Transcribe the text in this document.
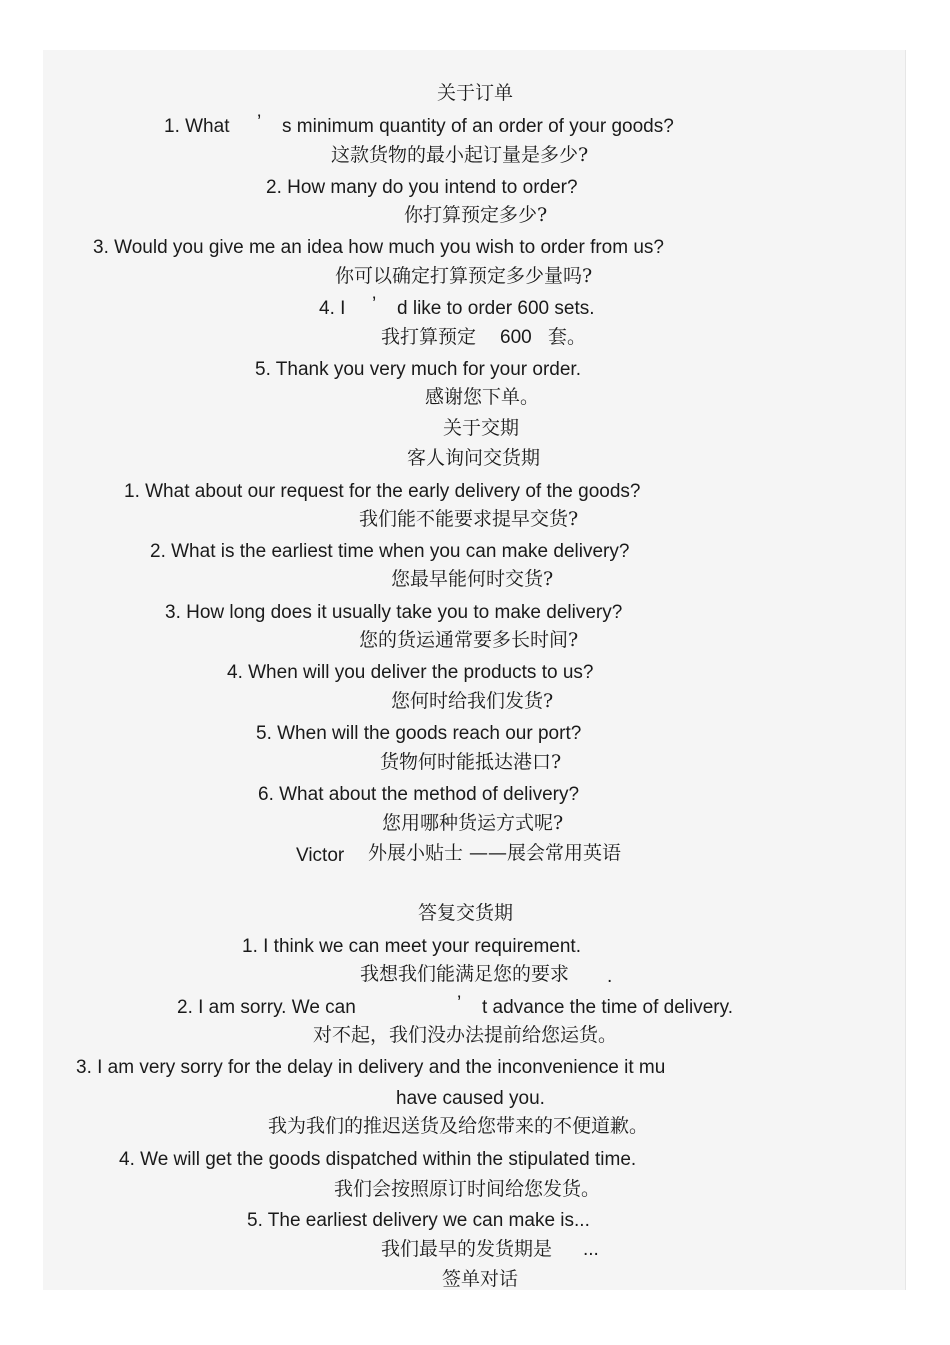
关于订单
1. What ’ s minimum quantity of an order of your goods?
这款货物的最小起订量是多少?
2. How many do you intend to order?
你打算预定多少?
3. Would you give me an idea how much you wish to order from us?
你可以确定打算预定多少量吗?
4. I ’ d like to order 600 sets.
我打算预定 600 套。
5. Thank you very much for your order.
感谢您下单。
关于交期
客人询问交货期
1. What about our request for the early delivery of the goods?
我们能不能要求提早交货?
2. What is the earliest time when you can make delivery?
您最早能何时交货?
3. How long does it usually take you to make delivery?
您的货运通常要多长时间?
4. When will you deliver the products to us?
您何时给我们发货?
5. When will the goods reach our port?
货物何时能抵达港口?
6. What about the method of delivery?
您用哪种货运方式呢?
Victor 外展小贴士 ——展会常用英语
答复交货期
1. I think we can meet your requirement.
我想我们能满足您的要求 .
2. I am sorry. We can	’ t advance the time of delivery.
对不起，我们没办法提前给您运货。
3. I am very sorry for the delay in delivery and the inconvenience it mu
have caused you.
我为我们的推迟送货及给您带来的不便道歉。
4. We will get the goods dispatched within the stipulated time.
我们会按照原订时间给您发货。
5. The earliest delivery we can make is...
我们最早的发货期是 ...
签单对话
